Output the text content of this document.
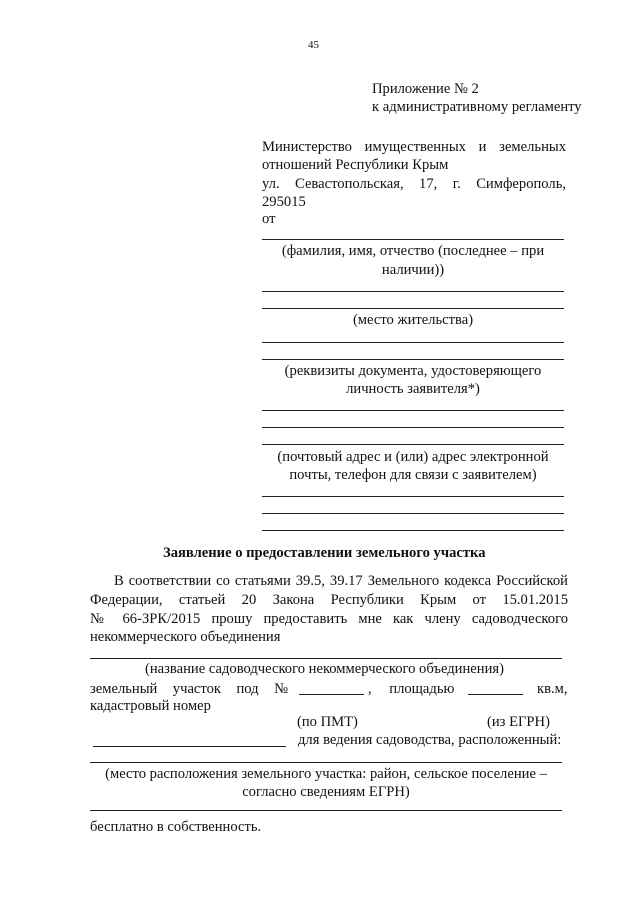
45
Приложение № 2
к административному регламенту
Министерство имущественных и земельных
отношений Республики Крым
ул. Севастопольская, 17, г. Симферополь,
295015
от
(фамилия, имя, отчество (последнее – при
наличии))
(место жительства)
(реквизиты документа, удостоверяющего
личность заявителя*)
(почтовый адрес и (или) адрес электронной
почты, телефон для связи с заявителем)
Заявление о предоставлении земельного участка
В соответствии со статьями 39.5, 39.17 Земельного кодекса Российской
Федерации, статьей 20 Закона Республики Крым от 15.01.2015
№ 66-ЗРК/2015 прошу предоставить мне как члену садоводческого
некоммерческого объединения
(название садоводческого некоммерческого объединения)
земельный участок под №	, площадью	кв.м,
кадастровый номер
(по ПМТ)	(из ЕГРН)
для ведения садоводства, расположенный:
(место расположения земельного участка: район, сельское поселение –
согласно сведениям ЕГРН)
бесплатно в собственность.
